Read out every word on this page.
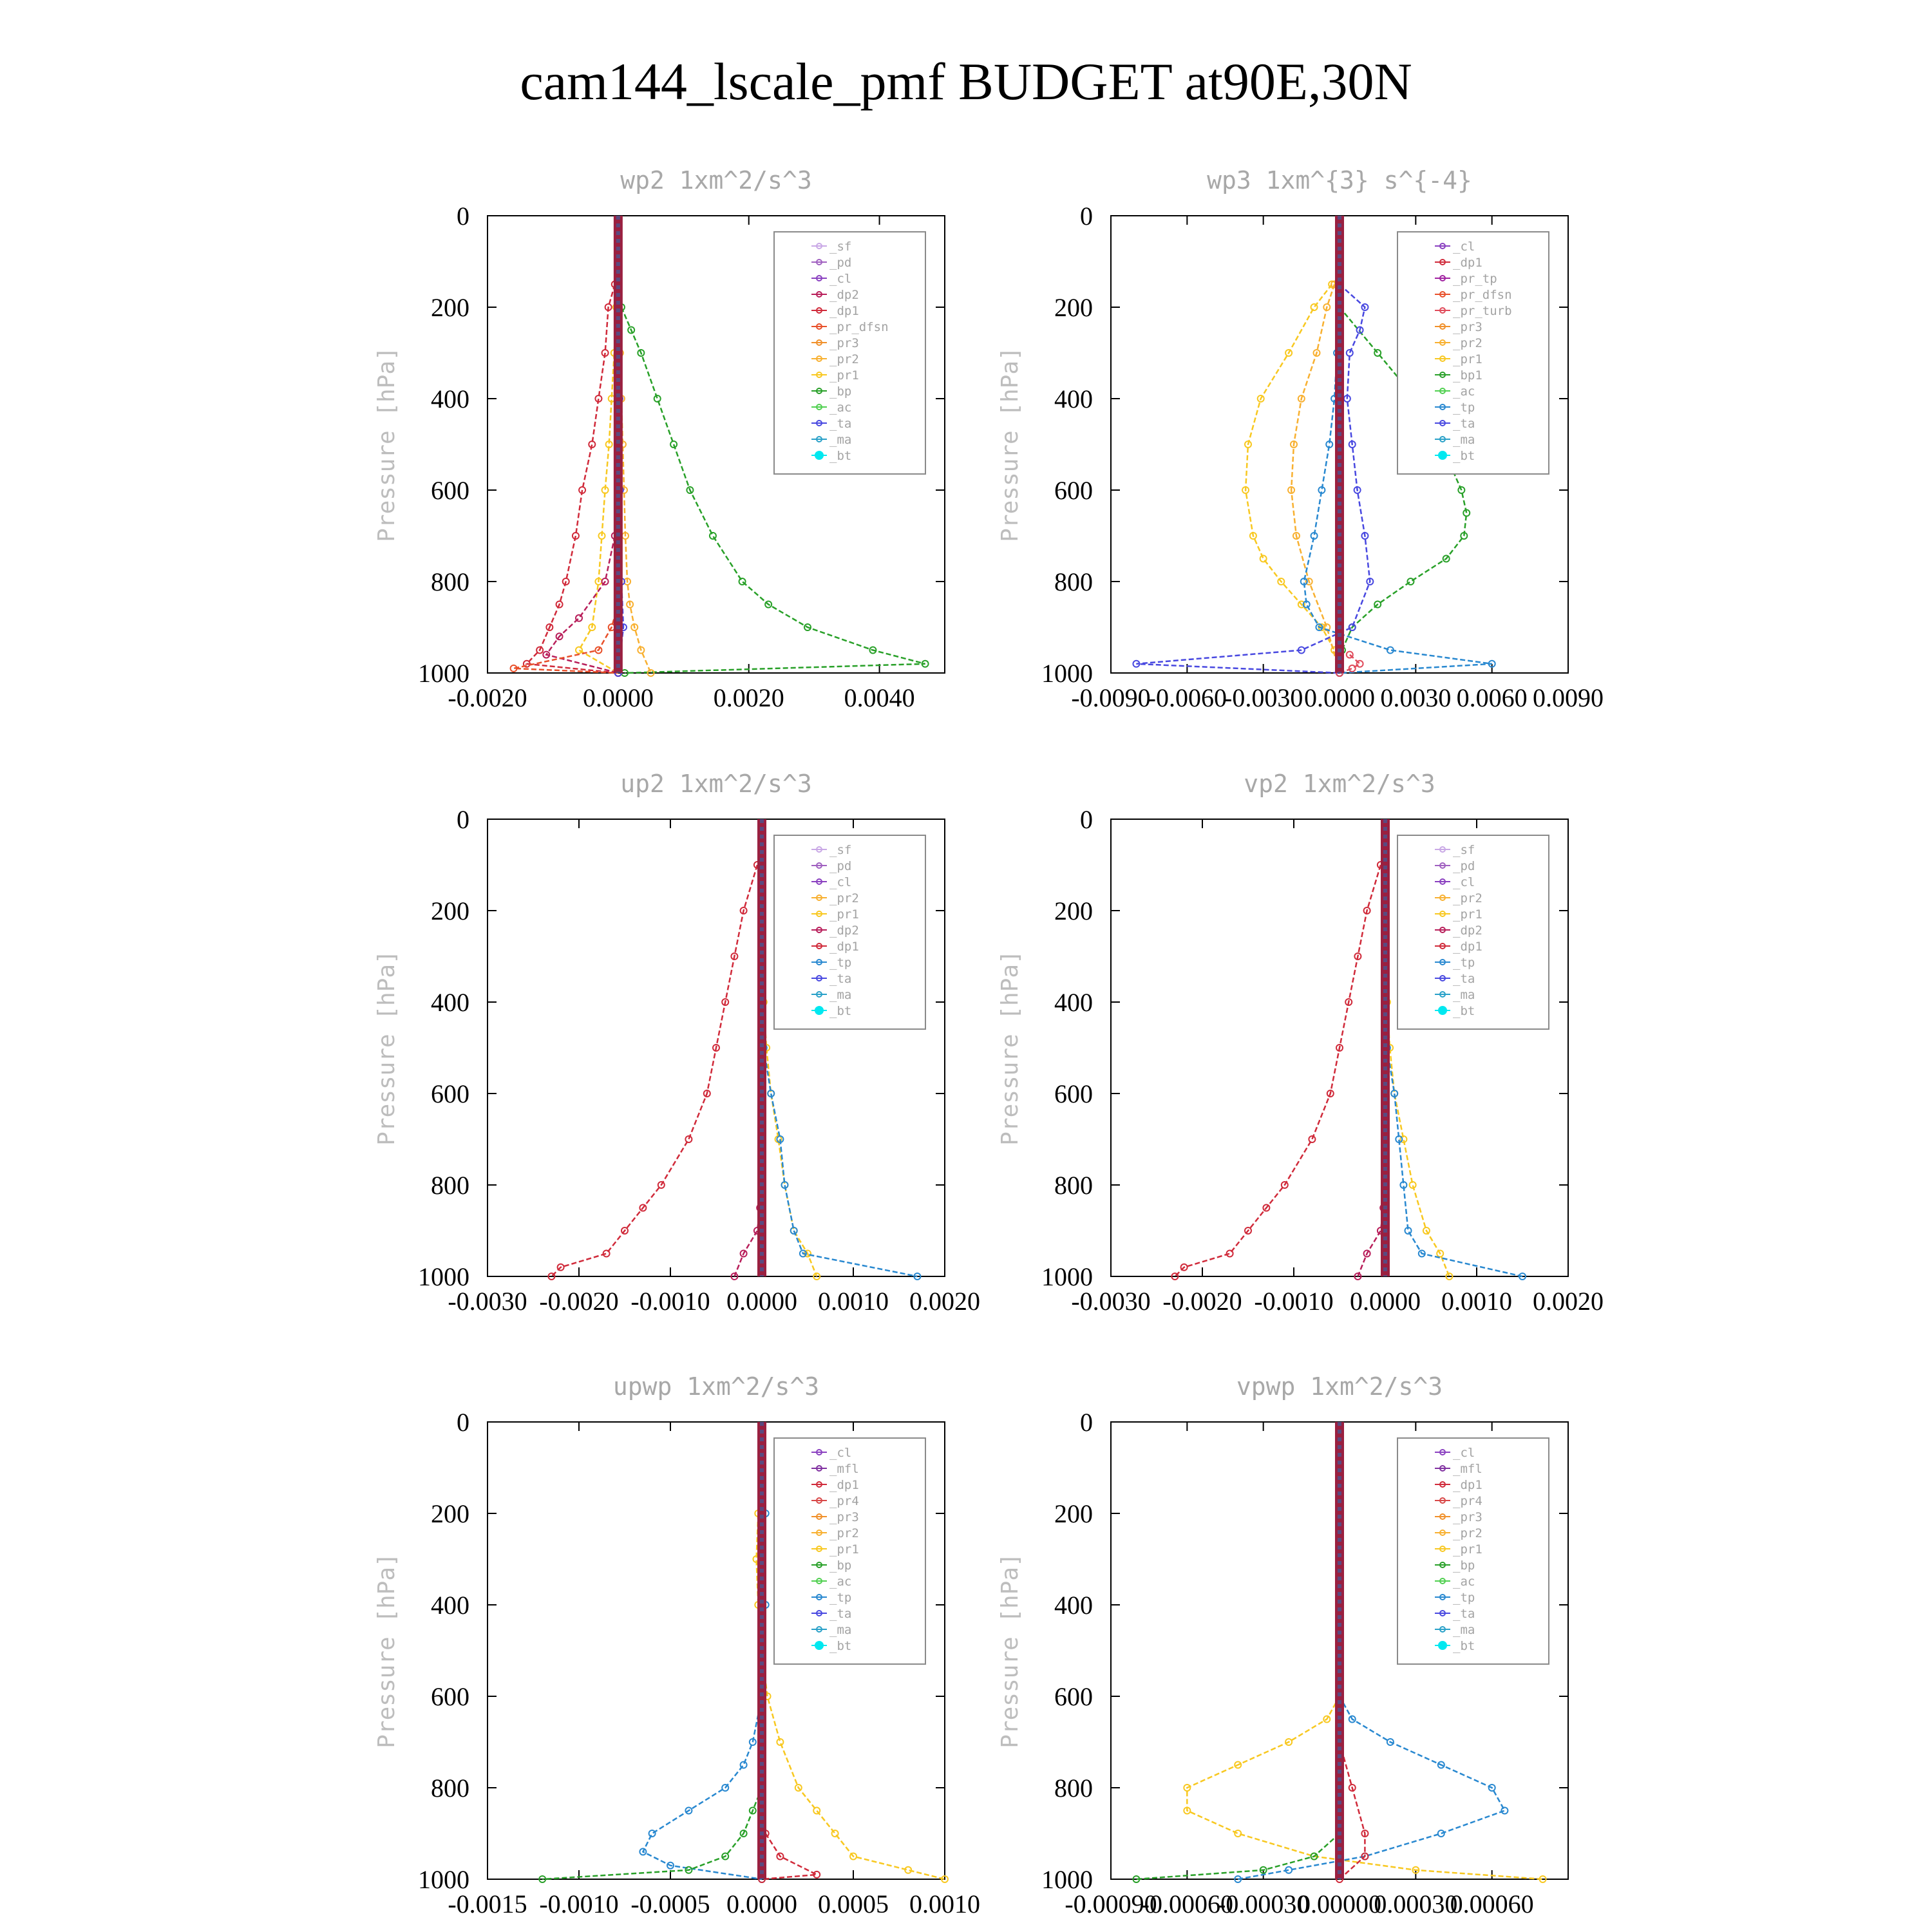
cam144_lscale_pmf BUDGET at90E,30N
wp2 1xm^2/s^3
Pressure [hPa]
0
200
400
600
800
1000
-0.0020 0.0000 0.0020 0.0040
_sf
_pd
_cl
_dp2
_dp1
_pr_dfsn
_pr3
_pr2
_pr1
_bp
_ac
_ta
_ma
_bt
wp3 1xm^{3} s^{-4}
Pressure [hPa]
0
200
400
600
800
1000
-0.0090
-0.0060
-0.0030 0.0000 0.0030 0.0060 0.0090
_cl
_dp1
_pr_tp
_pr_dfsn
_pr_turb
_pr3
_pr2
_pr1
_bp1
_ac
_tp
_ta
_ma
_bt
up2 1xm^2/s^3
Pressure [hPa]
0
200
400
600
800
1000
-0.0030 -0.0020 -0.0010 0.0000 0.0010 0.0020
_sf
_pd
_cl
_pr2
_pr1
_dp2
_dp1
_tp
_ta
_ma
_bt
vp2 1xm^2/s^3
Pressure [hPa]
0
200
400
600
800
1000
-0.0030 -0.0020 -0.0010 0.0000 0.0010 0.0020
_sf
_pd
_cl
_pr2
_pr1
_dp2
_dp1
_tp
_ta
_ma
_bt
upwp 1xm^2/s^3
Pressure [hPa]
0
200
400
600
800
1000
-0.0015 -0.0010 -0.0005 0.0000 0.0005 0.0010
_cl
_mfl
_dp1
_pr4
_pr3
_pr2
_pr1
_bp
_ac
_tp
_ta
_ma
_bt
vpwp 1xm^2/s^3
Pressure [hPa]
0
200
400
600
800
1000
-0.00090
-0.00060
-0.00030
0.00000
0.00030
0.00060
_cl
_mfl
_dp1
_pr4
_pr3
_pr2
_pr1
_bp
_ac
_tp
_ta
_ma
_bt
